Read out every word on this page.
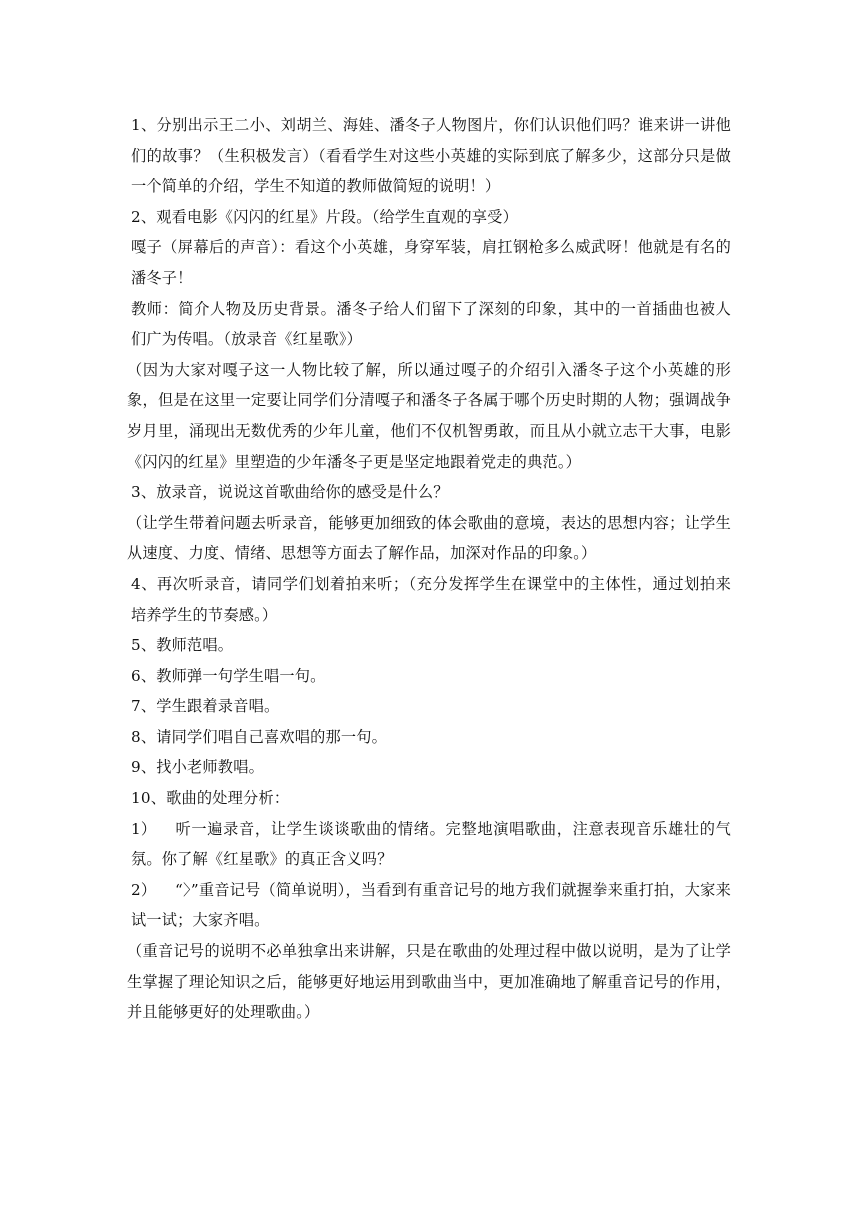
1、分别出示王二小、刘胡兰、海娃、潘冬子人物图片，你们认识他们吗？谁来讲一讲他们的故事？（生积极发言）（看看学生对这些小英雄的实际到底了解多少，这部分只是做一个简单的介绍，学生不知道的教师做简短的说明！）

2、观看电影《闪闪的红星》片段。（给学生直观的享受）

嘎子（屏幕后的声音）：看这个小英雄，身穿军装，肩扛钢枪多么威武呀！他就是有名的潘冬子！

教师：简介人物及历史背景。潘冬子给人们留下了深刻的印象，其中的一首插曲也被人们广为传唱。（放录音《红星歌》）

（因为大家对嘎子这一人物比较了解，所以通过嘎子的介绍引入潘冬子这个小英雄的形象，但是在这里一定要让同学们分清嘎子和潘冬子各属于哪个历史时期的人物；强调战争岁月里，涌现出无数优秀的少年儿童，他们不仅机智勇敢，而且从小就立志干大事，电影《闪闪的红星》里塑造的少年潘冬子更是坚定地跟着党走的典范。）

3、放录音，说说这首歌曲给你的感受是什么？

（让学生带着问题去听录音，能够更加细致的体会歌曲的意境，表达的思想内容；让学生从速度、力度、情绪、思想等方面去了解作品，加深对作品的印象。）

4、再次听录音，请同学们划着拍来听；（充分发挥学生在课堂中的主体性，通过划拍来培养学生的节奏感。）

5、教师范唱。

6、教师弹一句学生唱一句。

7、学生跟着录音唱。

8、请同学们唱自己喜欢唱的那一句。

9、找小老师教唱。

10、歌曲的处理分析：

1） 听一遍录音，让学生谈谈歌曲的情绪。完整地演唱歌曲，注意表现音乐雄壮的气氛。你了解《红星歌》的真正含义吗？

2） “〉”重音记号（简单说明），当看到有重音记号的地方我们就握拳来重打拍，大家来试一试；大家齐唱。

（重音记号的说明不必单独拿出来讲解，只是在歌曲的处理过程中做以说明，是为了让学生掌握了理论知识之后，能够更好地运用到歌曲当中，更加准确地了解重音记号的作用，并且能够更好的处理歌曲。）
